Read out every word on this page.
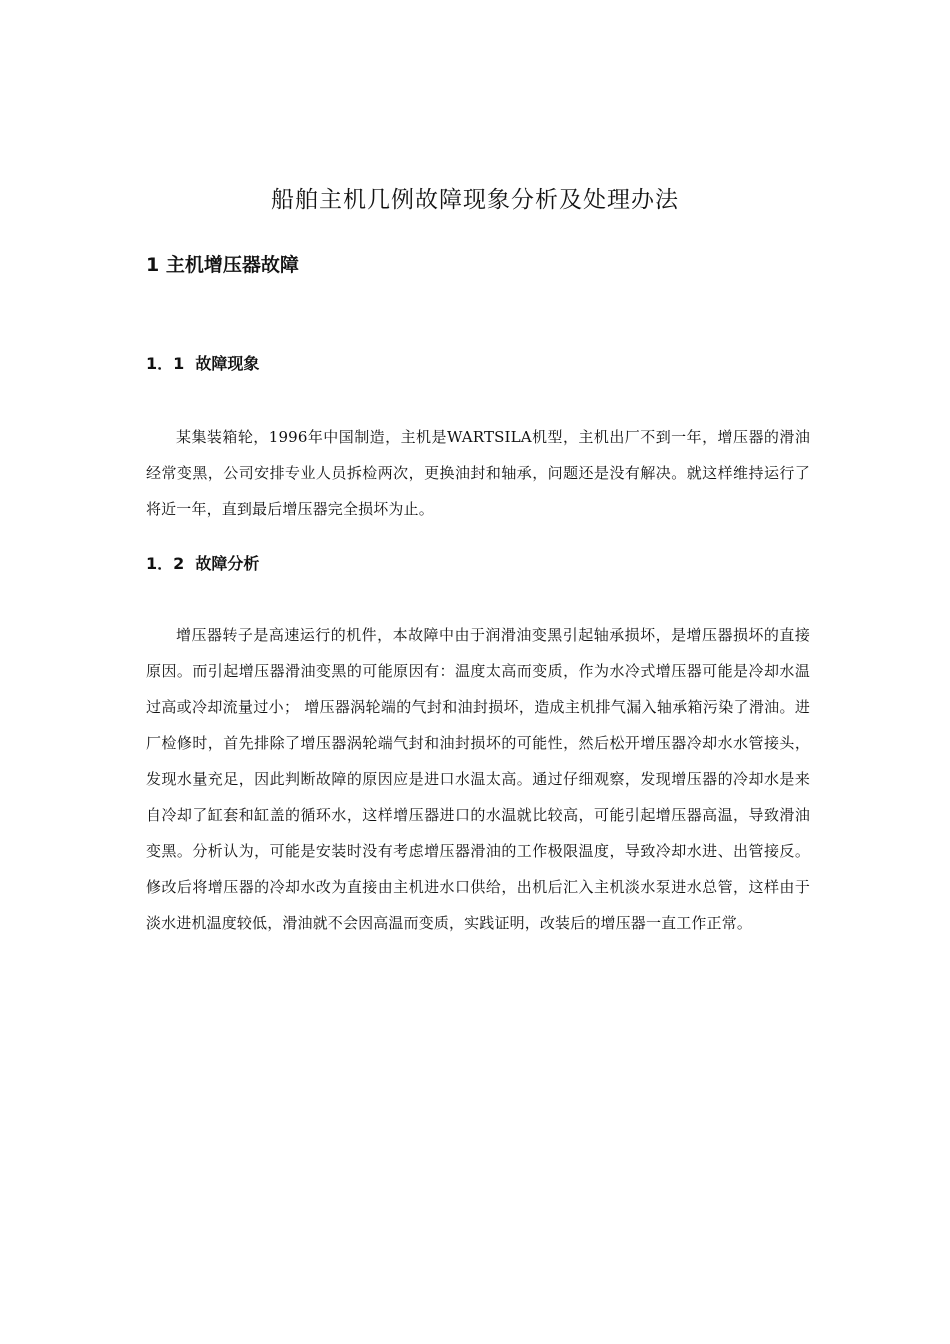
船舶主机几例故障现象分析及处理办法
1 主机增压器故障
1．1  故障现象

某集装箱轮，1996年中国制造，主机是WARTSILA机型，主机出厂不到一年，增压器的滑油经常变黑，公司安排专业人员拆检两次，更换油封和轴承，问题还是没有解决。就这样维持运行了将近一年，直到最后增压器完全损坏为止。

1．2  故障分析

增压器转子是高速运行的机件，本故障中由于润滑油变黑引起轴承损坏，是增压器损坏的直接原因。而引起增压器滑油变黑的可能原因有：温度太高而变质，作为水冷式增压器可能是冷却水温过高或冷却流量过小； 增压器涡轮端的气封和油封损坏，造成主机排气漏入轴承箱污染了滑油。进厂检修时，首先排除了增压器涡轮端气封和油封损坏的可能性，然后松开增压器冷却水水管接头，发现水量充足，因此判断故障的原因应是进口水温太高。通过仔细观察，发现增压器的冷却水是来自冷却了缸套和缸盖的循环水，这样增压器进口的水温就比较高，可能引起增压器高温，导致滑油变黑。分析认为，可能是安装时没有考虑增压器滑油的工作极限温度，导致冷却水进、出管接反。修改后将增压器的冷却水改为直接由主机进水口供给，出机后汇入主机淡水泵进水总管，这样由于淡水进机温度较低，滑油就不会因高温而变质，实践证明，改装后的增压器一直工作正常。
